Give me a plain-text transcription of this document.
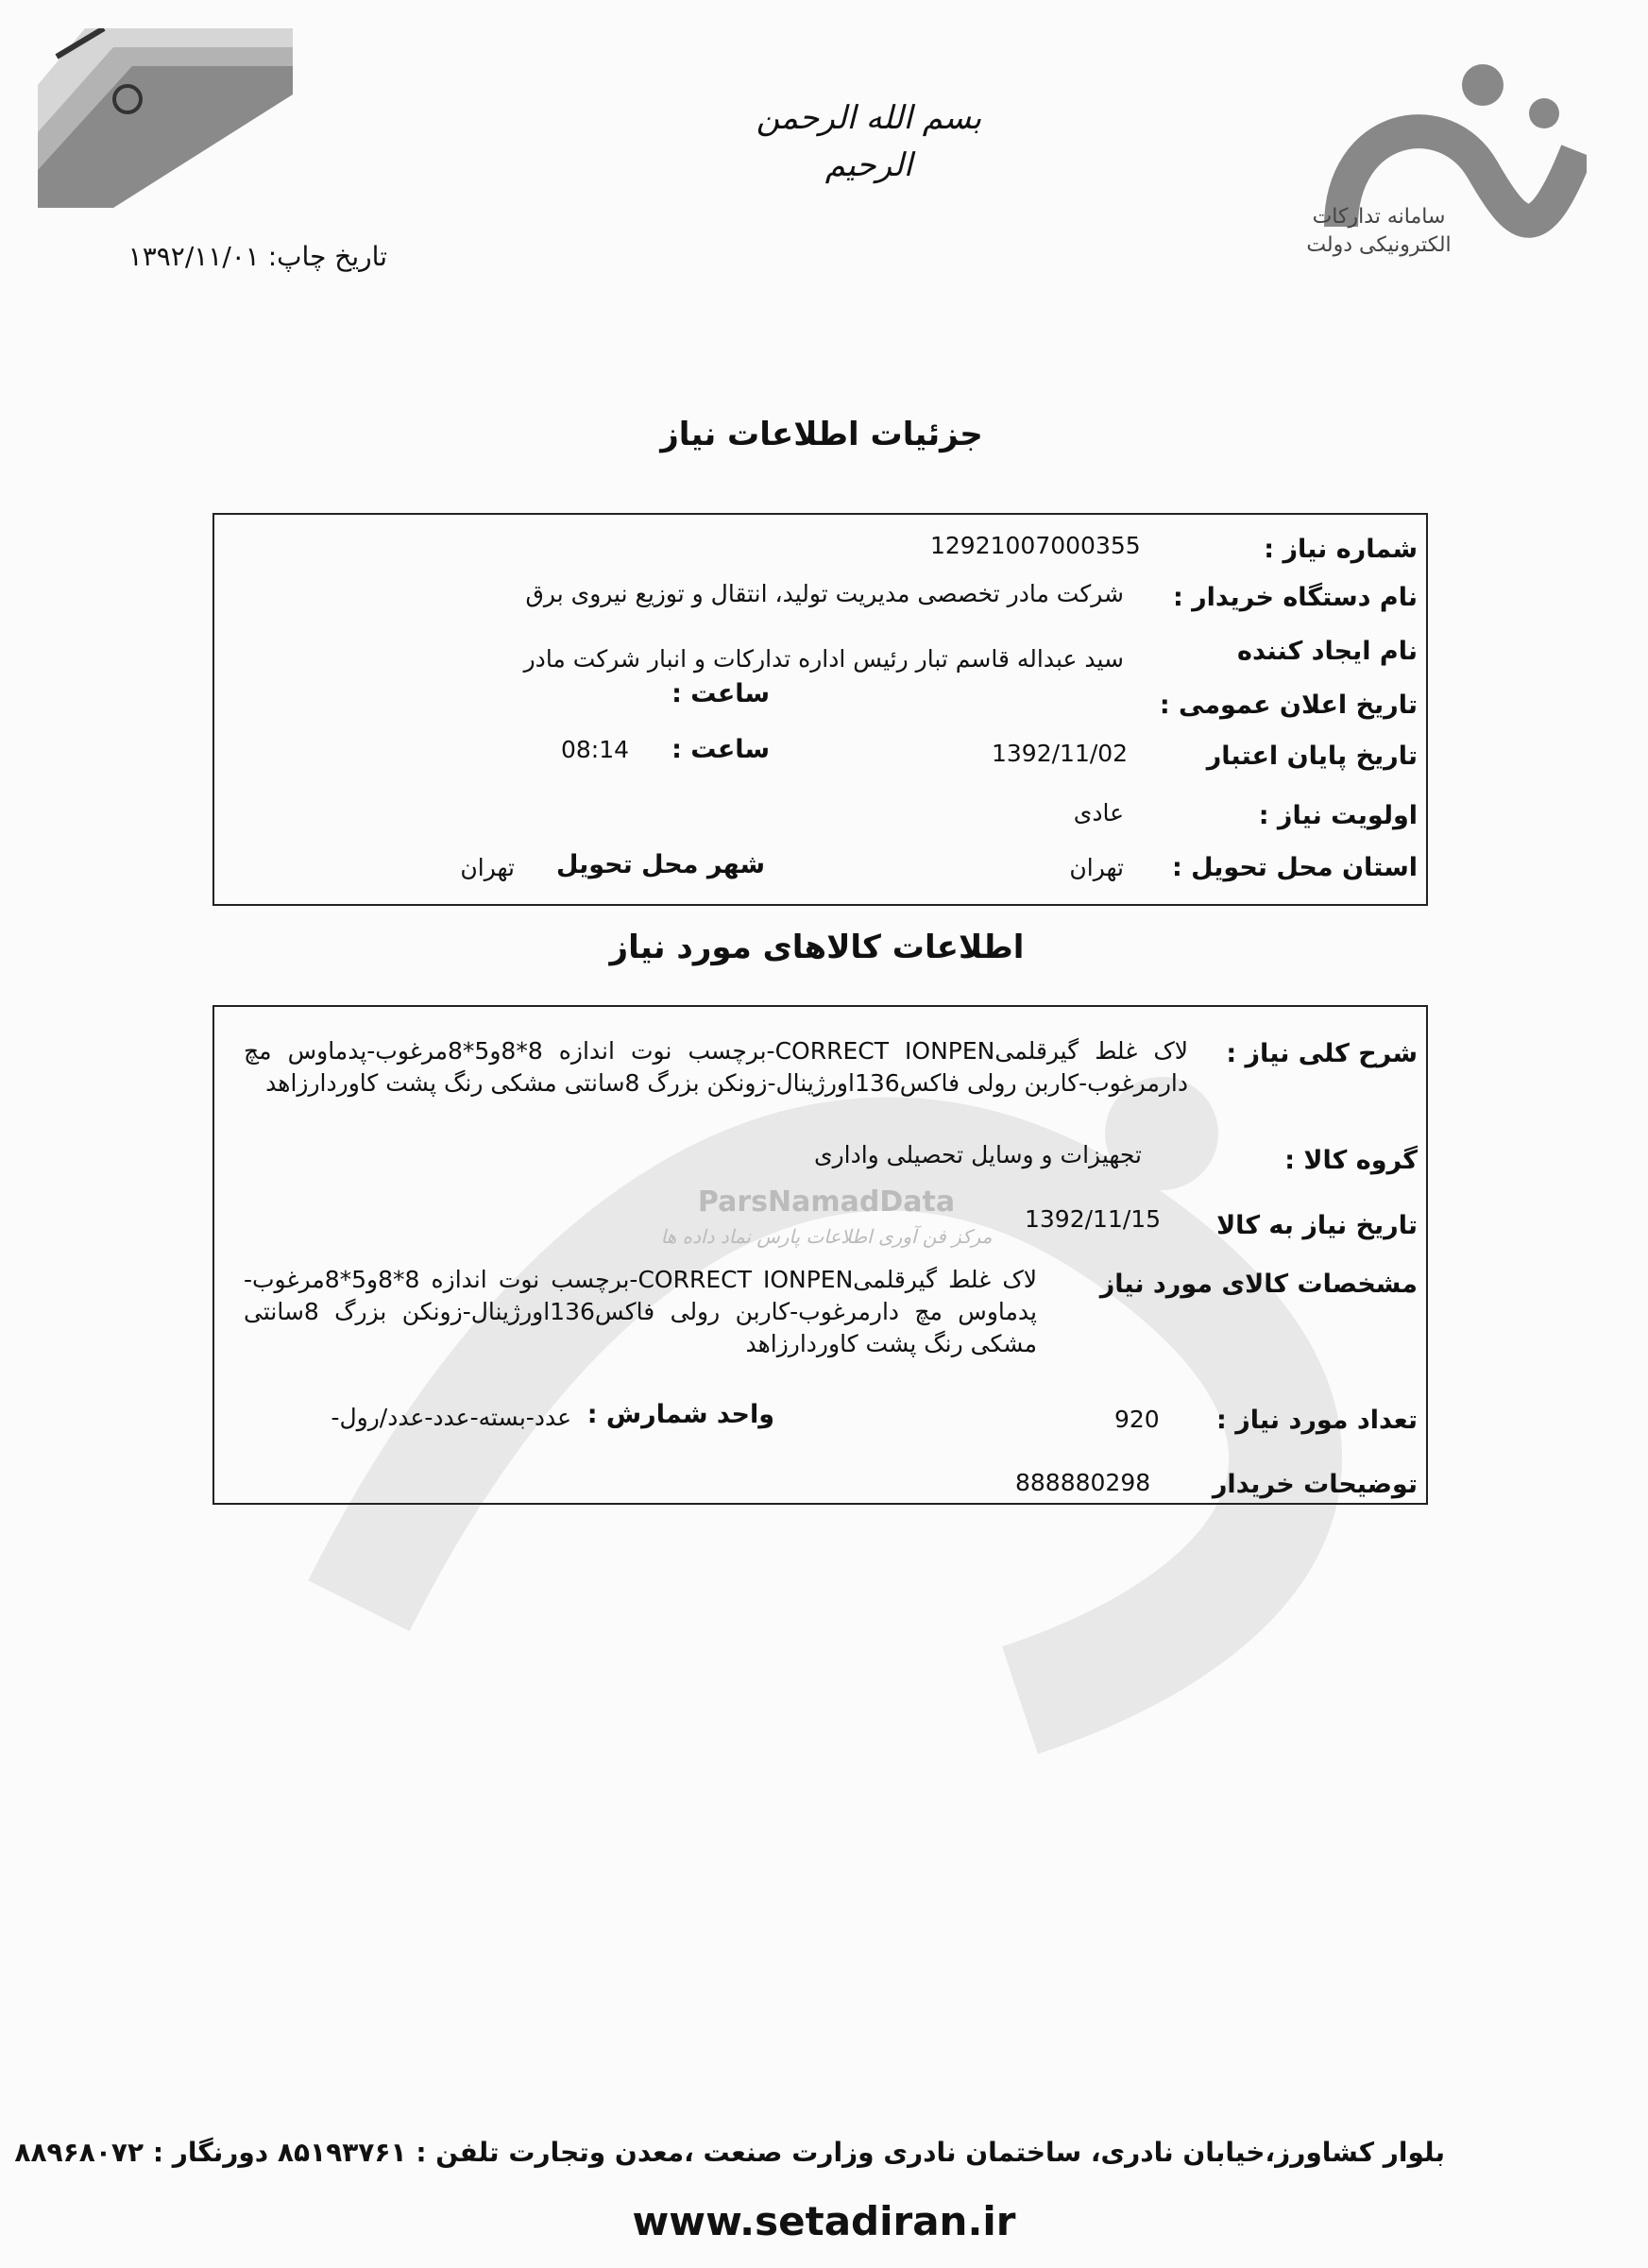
بسم الله الرحمن الرحیم
تاریخ چاپ: ۱۳۹۲/۱۱/۰۱
سامانه تدارکات الکترونیکی دولت
جزئیات اطلاعات نیاز
شماره نیاز :
12921007000355
نام دستگاه خریدار :
شرکت مادر تخصصی مدیریت تولید، انتقال و توزیع نیروی برق
نام ایجاد کننده
سید عبداله قاسم تبار رئیس اداره تدارکات و انبار شرکت مادر
تاریخ اعلان عمومی :
ساعت :
تاریخ پایان اعتبار
1392/11/02
ساعت :
08:14
اولویت نیاز :
عادی
استان محل تحویل :
تهران
شهر محل تحویل
تهران
اطلاعات کالاهای مورد نیاز
شرح کلی نیاز :
لاک غلط گیرقلمیCORRECT IONPEN-برچسب نوت اندازه 8*8و5*8مرغوب-پدماوس مچ دارمرغوب-کاربن رولی فاکس136اورژینال-زونکن بزرگ 8سانتی مشکی رنگ پشت کاوردارزاهد
گروه کالا :
تجهیزات و وسایل تحصیلی واداری
ParsNamadData
مرکز فن آوری اطلاعات پارس نماد داده ها	تاریخ نیاز به کالا
1392/11/15
مشخصات کالای مورد نیاز
لاک غلط گیرقلمیCORRECT IONPEN-برچسب نوت اندازه 8*8و5*8مرغوب-پدماوس مچ دارمرغوب-کاربن رولی فاکس136اورژینال-زونکن بزرگ 8سانتی مشکی رنگ پشت کاوردارزاهد
تعداد مورد نیاز :
920
واحد شمارش :
عدد-بسته-عدد-عدد/رول-
توضیحات خریدار
888880298
بلوار کشاورز،خیابان نادری، ساختمان نادری وزارت صنعت ،معدن وتجارت تلفن : ۸۵۱۹۳۷۶۱ دورنگار : ۸۸۹۶۸۰۷۲
www.setadiran.ir
